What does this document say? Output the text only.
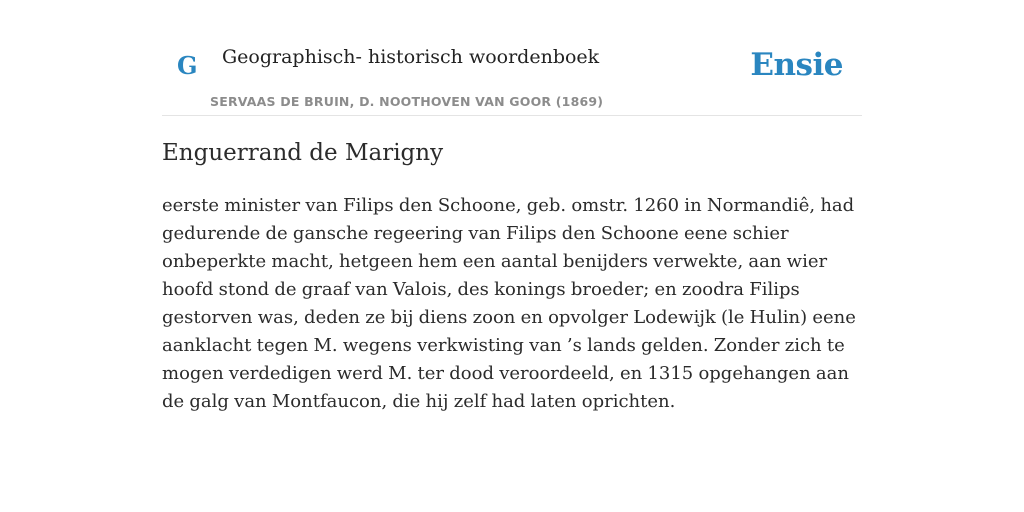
G Geographisch- historisch woordenboek
SERVAAS DE BRUIN, D. NOOTHOVEN VAN GOOR (1869)
Ensie
Enguerrand de Marigny

eerste minister van Filips den Schoone, geb. omstr. 1260 in Normandiê, had gedurende de gansche regeering van Filips den Schoone eene schier onbeperkte macht, hetgeen hem een aantal benijders verwekte, aan wier hoofd stond de graaf van Valois, des konings broeder; en zoodra Filips gestorven was, deden ze bij diens zoon en opvolger Lodewijk (le Hulin) eene aanklacht tegen M. wegens verkwisting van ’s lands gelden. Zonder zich te mogen verdedigen werd M. ter dood veroordeeld, en 1315 opgehangen aan de galg van Montfaucon, die hij zelf had laten oprichten.
